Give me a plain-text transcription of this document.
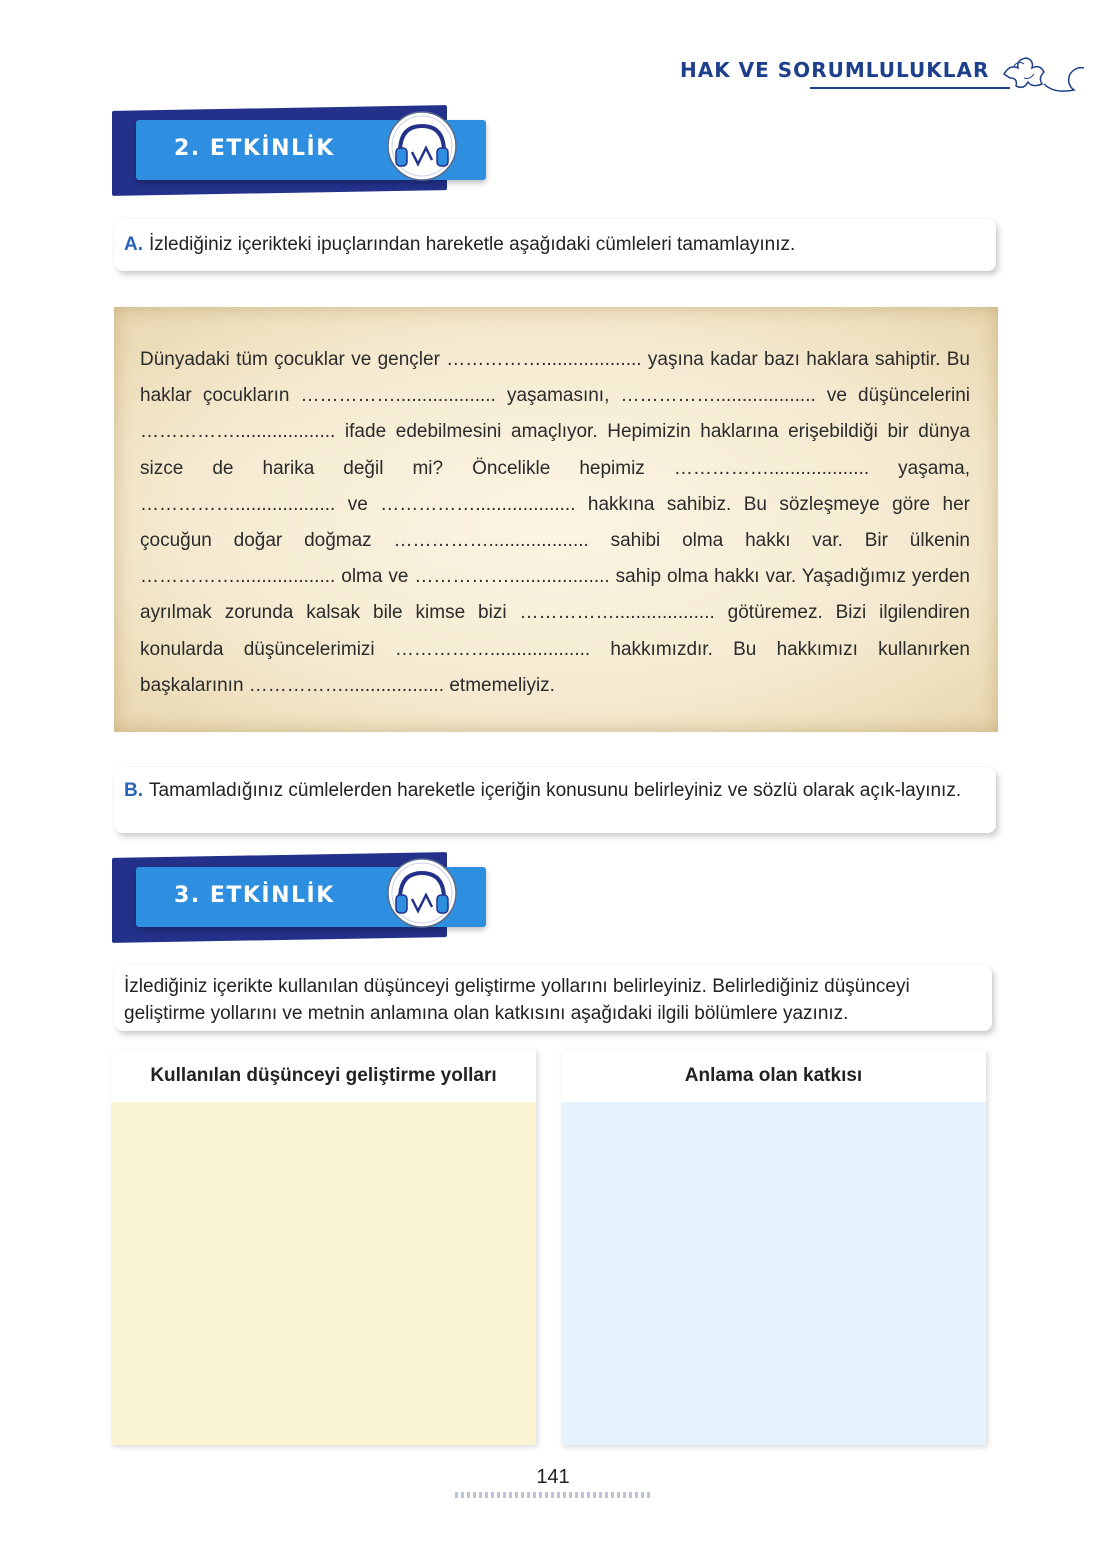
HAK VE SORUMLULUKLAR
2. ETKİNLİK
A. İzlediğiniz içerikteki ipuçlarından hareketle aşağıdaki cümleleri tamamlayınız.
Dünyadaki tüm çocuklar ve gençler ……………................... yaşına kadar bazı haklara sahiptir. Bu haklar çocukların ……………................... yaşamasını, ……………................... ve düşüncelerini ……………................... ifade edebilmesini amaçlıyor. Hepimizin haklarına erişebildiği bir dünya sizce de harika değil mi? Öncelikle hepimiz ……………................... yaşama, ……………................... ve ……………................... hakkına sahibiz. Bu sözleşmeye göre her çocuğun doğar doğmaz ……………................... sahibi olma hakkı var. Bir ülkenin ……………................... olma ve ……………................... sahip olma hakkı var. Yaşadığımız yerden ayrılmak zorunda kalsak bile kimse bizi ……………................... götüremez. Bizi ilgilendiren konularda düşüncelerimizi ……………................... hakkımızdır. Bu hakkımızı kullanırken başkalarının ……………................... etmemeliyiz.
B. Tamamladığınız cümlelerden hareketle içeriğin konusunu belirleyiniz ve sözlü olarak açık-layınız.
3. ETKİNLİK
İzlediğiniz içerikte kullanılan düşünceyi geliştirme yollarını belirleyiniz. Belirlediğiniz düşünceyi geliştirme yollarını ve metnin anlamına olan katkısını aşağıdaki ilgili bölümlere yazınız.
Kullanılan düşünceyi geliştirme yolları	Anlama olan katkısı
141
